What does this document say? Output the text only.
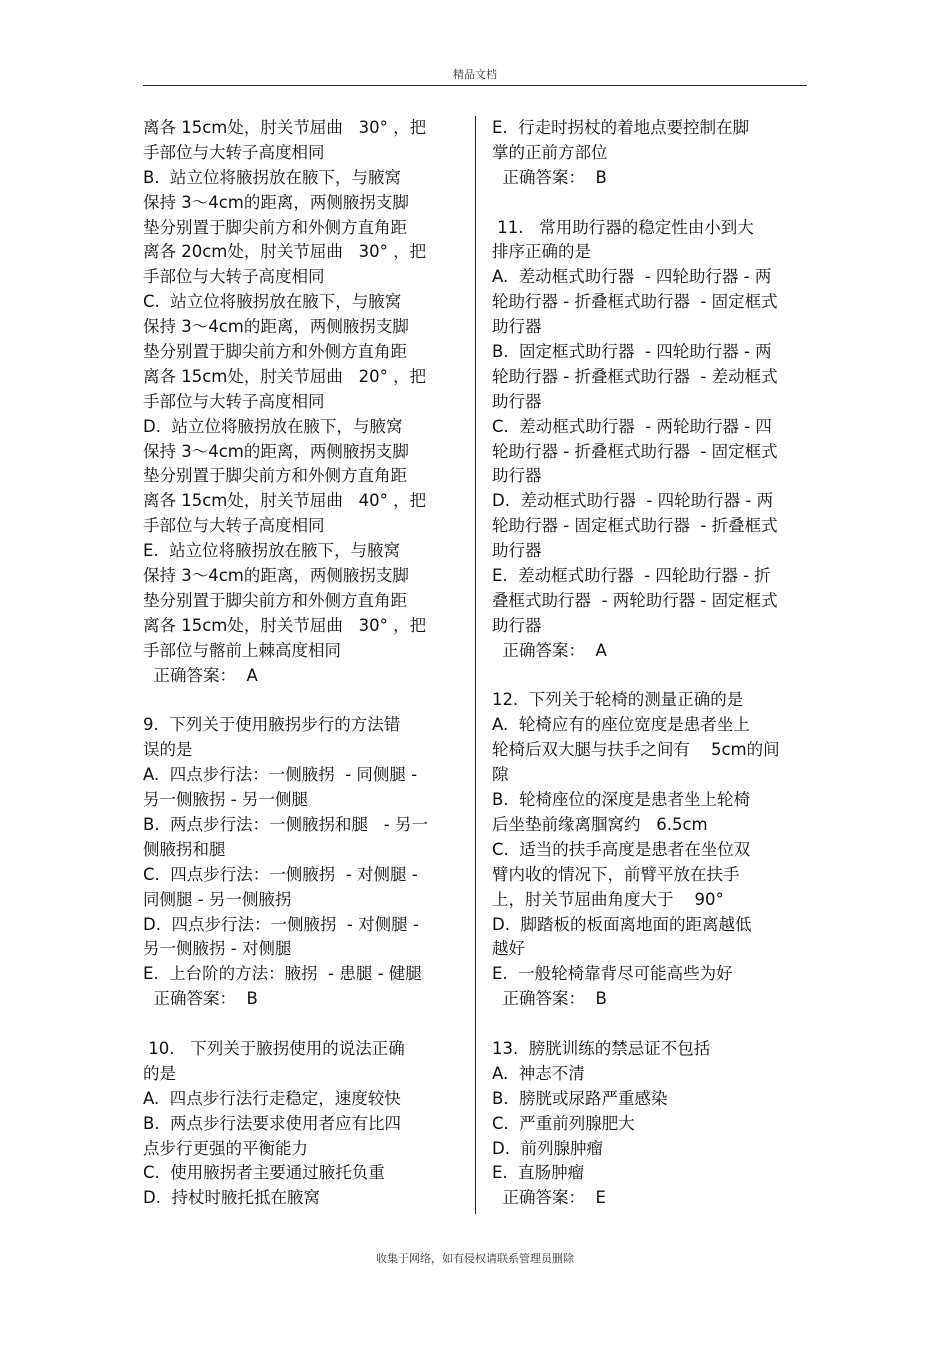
精品文档
离各 15cm处，肘关节屈曲   30° ，把
手部位与大转子高度相同
B.  站立位将腋拐放在腋下，与腋窝
保持 3～4cm的距离，两侧腋拐支脚
垫分别置于脚尖前方和外侧方直角距
离各 20cm处，肘关节屈曲   30° ，把
手部位与大转子高度相同
C.  站立位将腋拐放在腋下，与腋窝
保持 3～4cm的距离，两侧腋拐支脚
垫分别置于脚尖前方和外侧方直角距
离各 15cm处，肘关节屈曲   20° ，把
手部位与大转子高度相同
D.  站立位将腋拐放在腋下，与腋窝
保持 3～4cm的距离，两侧腋拐支脚
垫分别置于脚尖前方和外侧方直角距
离各 15cm处，肘关节屈曲   40° ，把
手部位与大转子高度相同
E.  站立位将腋拐放在腋下，与腋窝
保持 3～4cm的距离，两侧腋拐支脚
垫分别置于脚尖前方和外侧方直角距
离各 15cm处，肘关节屈曲   30° ，把
手部位与髂前上棘高度相同
正确答案：  A
9.  下列关于使用腋拐步行的方法错
误的是
A.  四点步行法：一侧腋拐  - 同侧腿 -
另一侧腋拐 - 另一侧腿
B.  两点步行法：一侧腋拐和腿   - 另一
侧腋拐和腿
C.  四点步行法：一侧腋拐  - 对侧腿 -
同侧腿 - 另一侧腋拐
D.  四点步行法：一侧腋拐  - 对侧腿 -
另一侧腋拐 - 对侧腿
E.  上台阶的方法：腋拐  - 患腿 - 健腿
正确答案：  B
10.   下列关于腋拐使用的说法正确
的是
A.  四点步行法行走稳定，速度较快
B.  两点步行法要求使用者应有比四
点步行更强的平衡能力
C.  使用腋拐者主要通过腋托负重
D.  持杖时腋托抵在腋窝
E.  行走时拐杖的着地点要控制在脚
掌的正前方部位
正确答案：  B
11.   常用助行器的稳定性由小到大
排序正确的是
A.  差动框式助行器  - 四轮助行器 - 两
轮助行器 - 折叠框式助行器  - 固定框式
助行器
B.  固定框式助行器  - 四轮助行器 - 两
轮助行器 - 折叠框式助行器  - 差动框式
助行器
C.  差动框式助行器  - 两轮助行器 - 四
轮助行器 - 折叠框式助行器  - 固定框式
助行器
D.  差动框式助行器  - 四轮助行器 - 两
轮助行器 - 固定框式助行器  - 折叠框式
助行器
E.  差动框式助行器  - 四轮助行器 - 折
叠框式助行器  - 两轮助行器 - 固定框式
助行器
正确答案：  A
12.  下列关于轮椅的测量正确的是
A.  轮椅应有的座位宽度是患者坐上
轮椅后双大腿与扶手之间有    5cm的间
隙
B.  轮椅座位的深度是患者坐上轮椅
后坐垫前缘离腘窝约   6.5cm
C.  适当的扶手高度是患者在坐位双
臂内收的情况下，前臂平放在扶手
上，肘关节屈曲角度大于    90°
D.  脚踏板的板面离地面的距离越低
越好
E.  一般轮椅靠背尽可能高些为好
正确答案：  B
13.  膀胱训练的禁忌证不包括
A.  神志不清
B.  膀胱或尿路严重感染
C.  严重前列腺肥大
D.  前列腺肿瘤
E.  直肠肿瘤
正确答案：  E
收集于网络，如有侵权请联系管理员删除
